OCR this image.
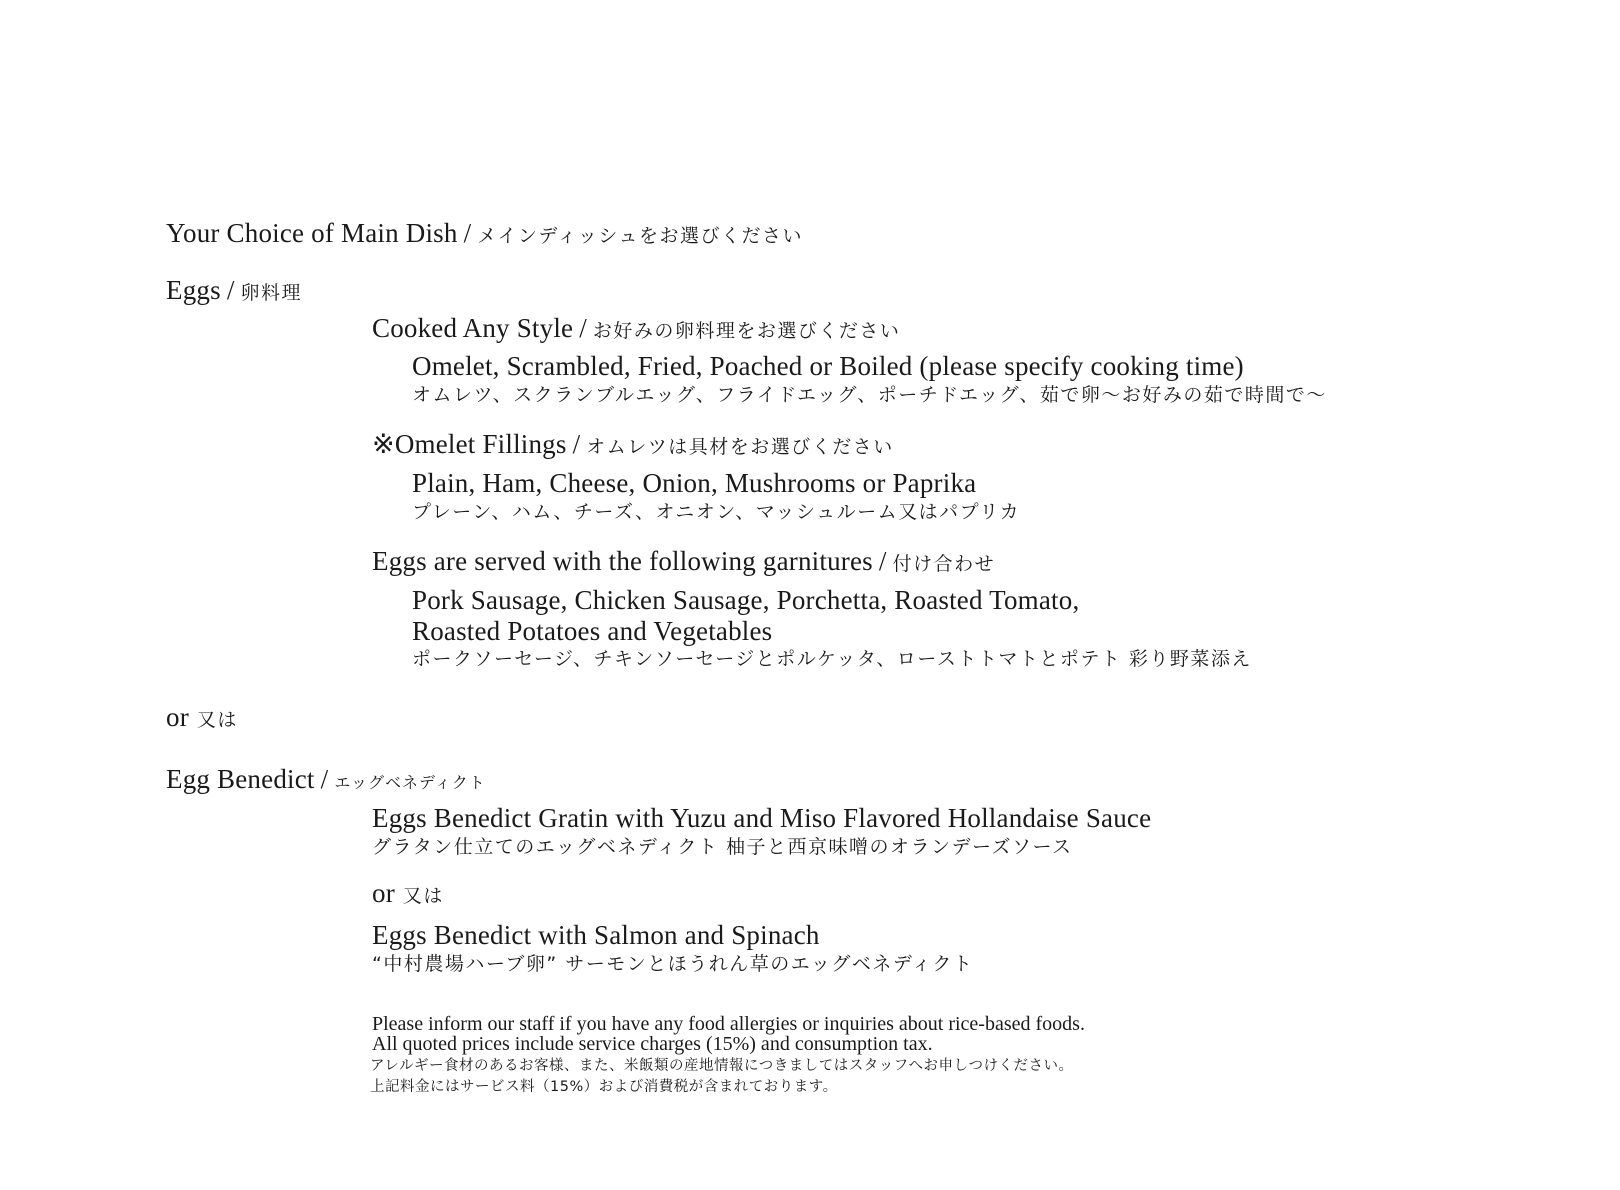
Your Choice of Main Dish / メインディッシュをお選びください
Eggs / 卵料理
Cooked Any Style / お好みの卵料理をお選びください
Omelet, Scrambled, Fried, Poached or Boiled (please specify cooking time)
オムレツ、スクランブルエッグ、フライドエッグ、ポーチドエッグ、茹で卵〜お好みの茹で時間で〜
※Omelet Fillings / オムレツは具材をお選びください
Plain, Ham, Cheese, Onion, Mushrooms or Paprika
プレーン、ハム、チーズ、オニオン、マッシュルーム又はパプリカ
Eggs are served with the following garnitures / 付け合わせ
Pork Sausage, Chicken Sausage, Porchetta, Roasted Tomato,
Roasted Potatoes and Vegetables
ポークソーセージ、チキンソーセージとポルケッタ、ローストトマトとポテト 彩り野菜添え
or 又は
Egg Benedict / エッグベネディクト
Eggs Benedict Gratin with Yuzu and Miso Flavored Hollandaise Sauce
グラタン仕立てのエッグベネディクト 柚子と西京味噌のオランデーズソース
or 又は
Eggs Benedict with Salmon and Spinach
“中村農場ハーブ卵” サーモンとほうれん草のエッグベネディクト
Please inform our staff if you have any food allergies or inquiries about rice-based foods.
All quoted prices include service charges (15%) and consumption tax.
アレルギー食材のあるお客様、また、米飯類の産地情報につきましてはスタッフへお申しつけください。
上記料金にはサービス料（15%）および消費税が含まれております。
